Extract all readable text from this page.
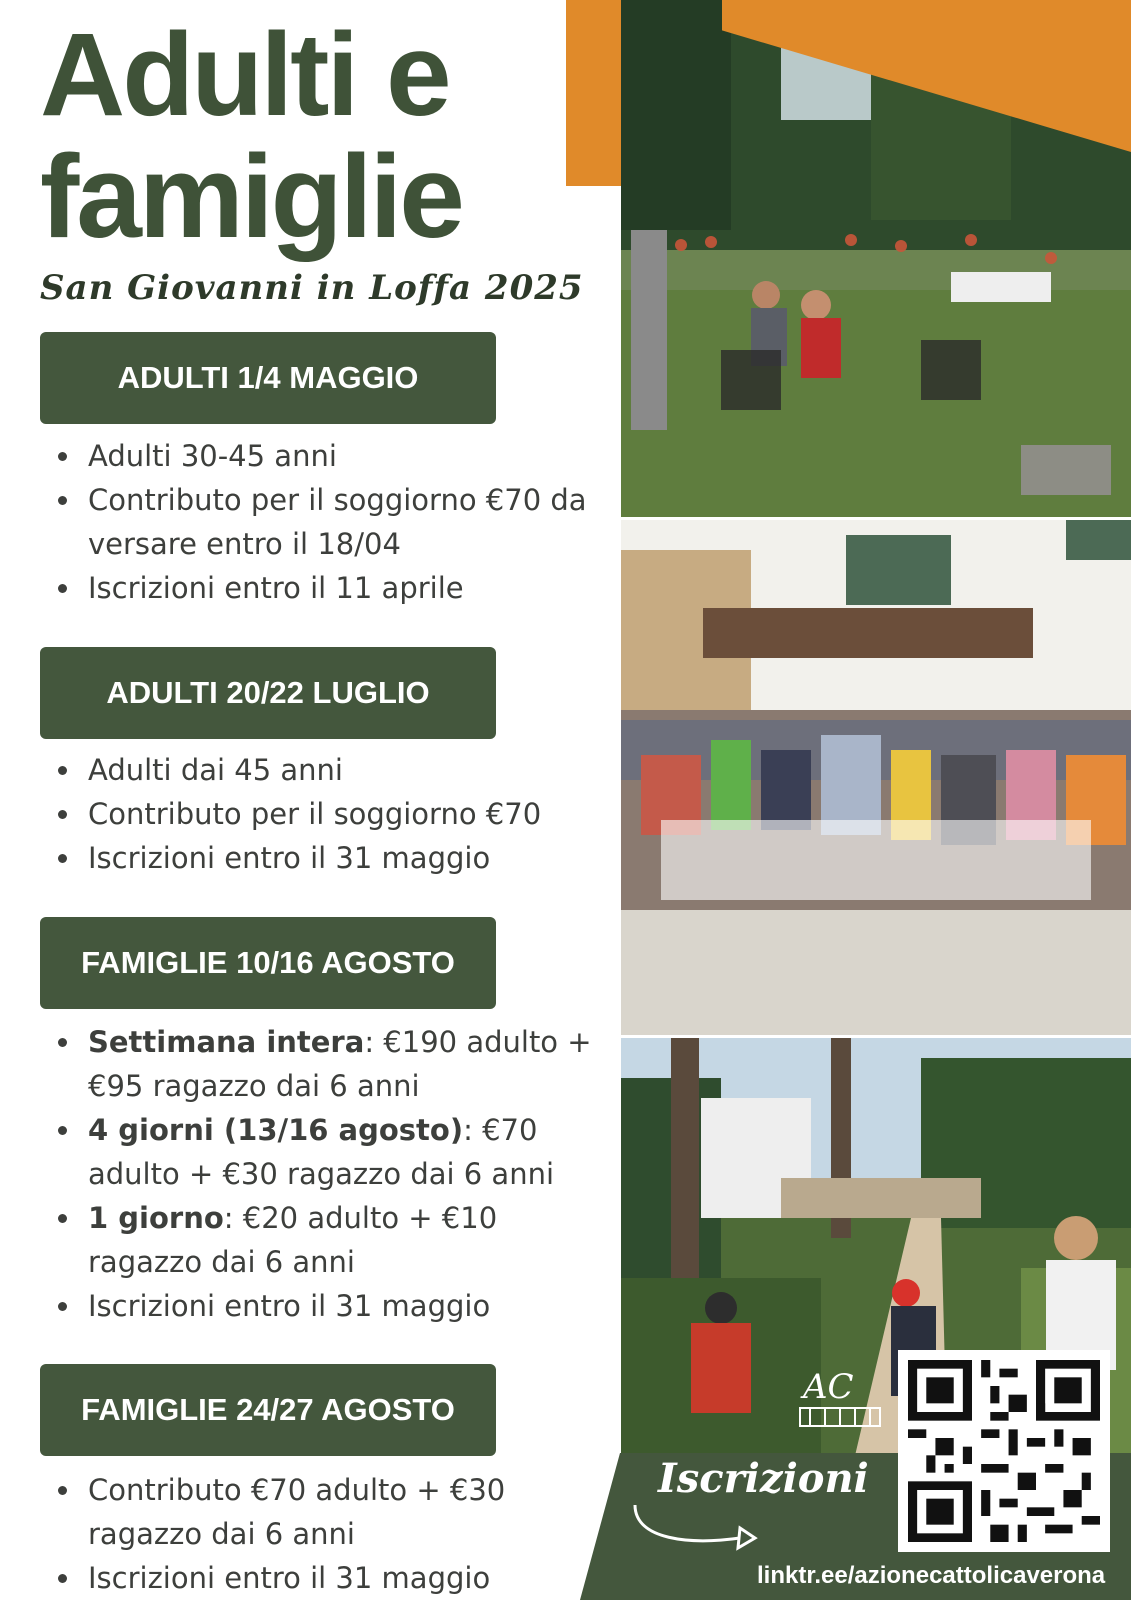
Adulti e
famiglie
San Giovanni in Loffa 2025
ADULTI 1/4 MAGGIO
Adulti 30-45 anni
Contributo per il soggiorno €70 da versare entro il 18/04
Iscrizioni entro il 11 aprile
ADULTI 20/22 LUGLIO
Adulti dai 45 anni
Contributo per il soggiorno €70
Iscrizioni entro il 31 maggio
FAMIGLIE 10/16 AGOSTO
Settimana intera: €190 adulto + €95 ragazzo dai 6 anni
4 giorni (13/16 agosto): €70 adulto + €30 ragazzo dai 6 anni
1 giorno: €20 adulto + €10 ragazzo dai 6 anni
Iscrizioni entro il 31 maggio
FAMIGLIE 24/27 AGOSTO
Contributo €70 adulto + €30 ragazzo dai 6 anni
Iscrizioni entro il 31 maggio
AC
Iscrizioni
linktr.ee/azionecattolicaverona
